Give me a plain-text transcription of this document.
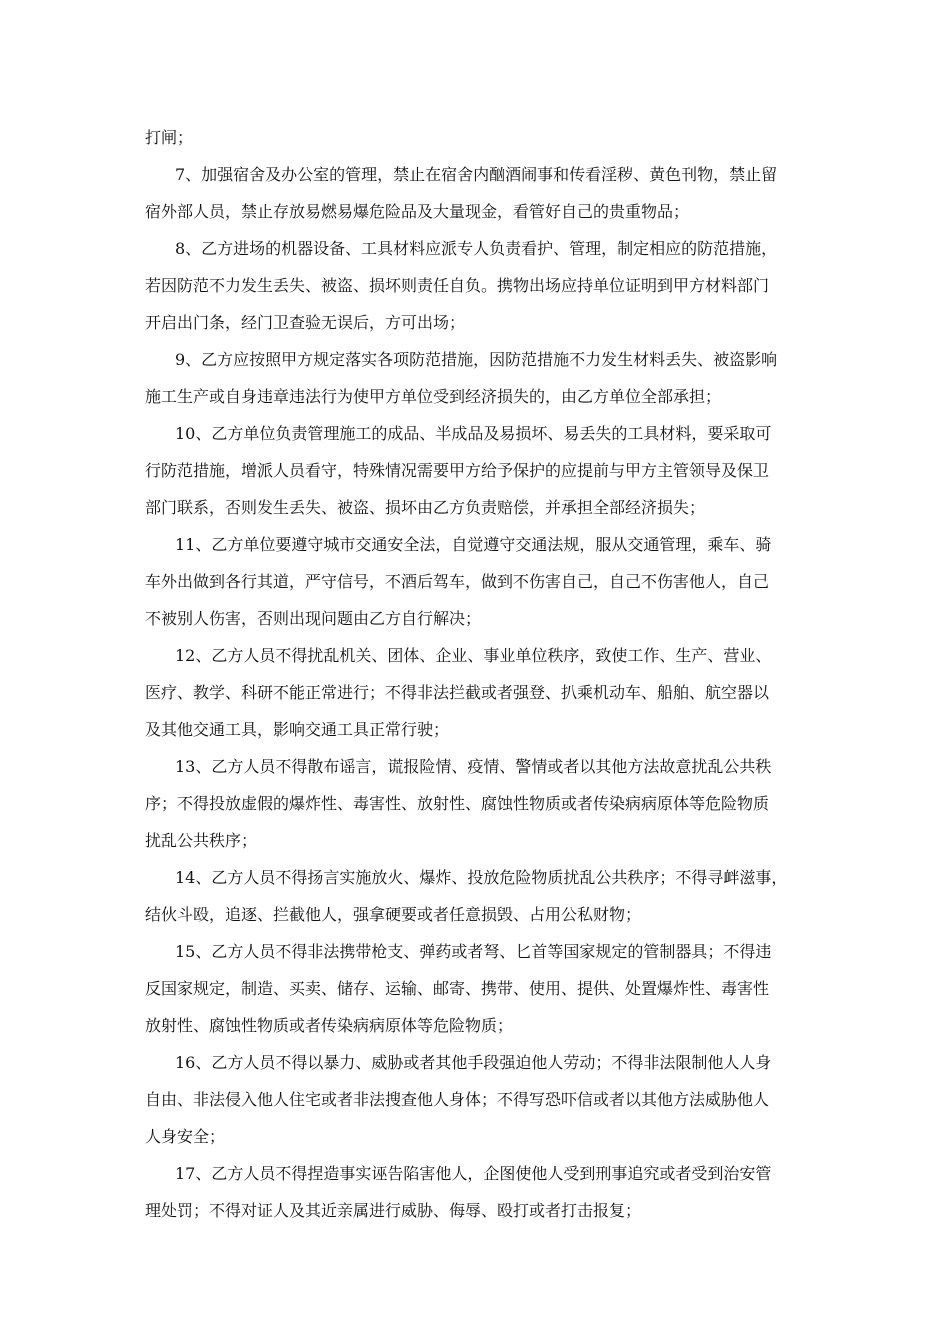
打闸；

7、加强宿舍及办公室的管理，禁止在宿舍内酗酒闹事和传看淫秽、黄色刊物，禁止留

宿外部人员，禁止存放易燃易爆危险品及大量现金，看管好自己的贵重物品；

8、乙方进场的机器设备、工具材料应派专人负责看护、管理，制定相应的防范措施，

若因防范不力发生丢失、被盗、损坏则责任自负。携物出场应持单位证明到甲方材料部门

开启出门条，经门卫查验无误后，方可出场；

9、乙方应按照甲方规定落实各项防范措施，因防范措施不力发生材料丢失、被盗影响

施工生产或自身违章违法行为使甲方单位受到经济损失的，由乙方单位全部承担；

10、乙方单位负责管理施工的成品、半成品及易损坏、易丢失的工具材料，要采取可

行防范措施，增派人员看守，特殊情况需要甲方给予保护的应提前与甲方主管领导及保卫

部门联系，否则发生丢失、被盗、损坏由乙方负责赔偿，并承担全部经济损失；

11、乙方单位要遵守城市交通安全法，自觉遵守交通法规，服从交通管理，乘车、骑

车外出做到各行其道，严守信号，不酒后驾车，做到不伤害自己，自己不伤害他人，自己

不被别人伤害，否则出现问题由乙方自行解决；

12、乙方人员不得扰乱机关、团体、企业、事业单位秩序，致使工作、生产、营业、

医疗、教学、科研不能正常进行；不得非法拦截或者强登、扒乘机动车、船舶、航空器以

及其他交通工具，影响交通工具正常行驶；

13、乙方人员不得散布谣言，谎报险情、疫情、警情或者以其他方法故意扰乱公共秩

序；不得投放虚假的爆炸性、毒害性、放射性、腐蚀性物质或者传染病病原体等危险物质

扰乱公共秩序；

14、乙方人员不得扬言实施放火、爆炸、投放危险物质扰乱公共秩序；不得寻衅滋事，

结伙斗殴，追逐、拦截他人，强拿硬要或者任意损毁、占用公私财物；

15、乙方人员不得非法携带枪支、弹药或者弩、匕首等国家规定的管制器具；不得违

反国家规定，制造、买卖、储存、运输、邮寄、携带、使用、提供、处置爆炸性、毒害性

放射性、腐蚀性物质或者传染病病原体等危险物质；

16、乙方人员不得以暴力、威胁或者其他手段强迫他人劳动；不得非法限制他人人身

自由、非法侵入他人住宅或者非法搜查他人身体；不得写恐吓信或者以其他方法威胁他人

人身安全；

17、乙方人员不得捏造事实诬告陷害他人，企图使他人受到刑事追究或者受到治安管

理处罚；不得对证人及其近亲属进行威胁、侮辱、殴打或者打击报复；
